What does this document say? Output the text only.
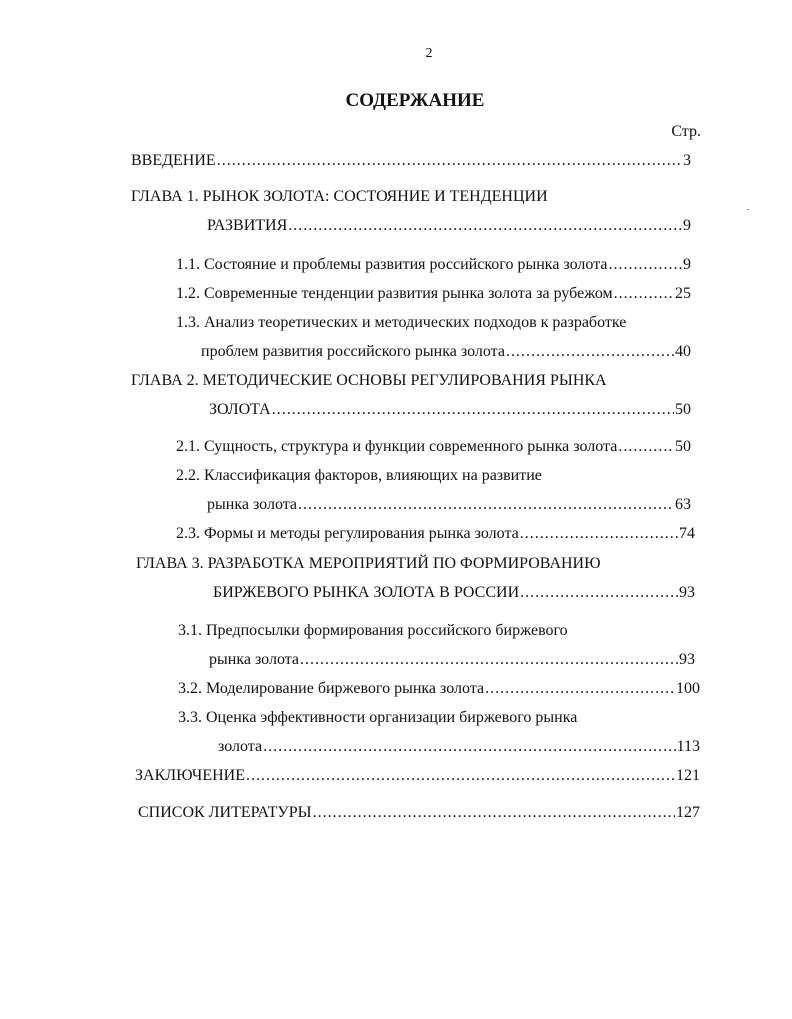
2
СОДЕРЖАНИЕ
Стр.
ВВЕДЕНИЕ .....	3
ГЛАВА 1. РЫНОК ЗОЛОТА: СОСТОЯНИЕ И ТЕНДЕНЦИИ
РАЗВИТИЯ .....	9
1.1. Состояние и проблемы развития российского рынка золота .....	9
1.2. Современные тенденции развития рынка золота за рубежом .....	25
1.3. Анализ теоретических и методических подходов к разработке
проблем развития российского рынка золота .....	40
ГЛАВА 2. МЕТОДИЧЕСКИЕ ОСНОВЫ РЕГУЛИРОВАНИЯ РЫНКА
ЗОЛОТА .....	50
2.1. Сущность, структура и функции современного рынка золота .....	50
2.2. Классификация факторов, влияющих на развитие
рынка золота .....	63
2.3. Формы и методы регулирования рынка золота .....	74
ГЛАВА 3. РАЗРАБОТКА МЕРОПРИЯТИЙ ПО ФОРМИРОВАНИЮ
БИРЖЕВОГО РЫНКА ЗОЛОТА В РОССИИ .....	93
3.1. Предпосылки формирования российского биржевого
рынка золота .....	93
3.2. Моделирование биржевого рынка золота .....	100
3.3. Оценка эффективности организации биржевого рынка
золота .....	113
ЗАКЛЮЧЕНИЕ .....	121
СПИСОК ЛИТЕРАТУРЫ .....	127
